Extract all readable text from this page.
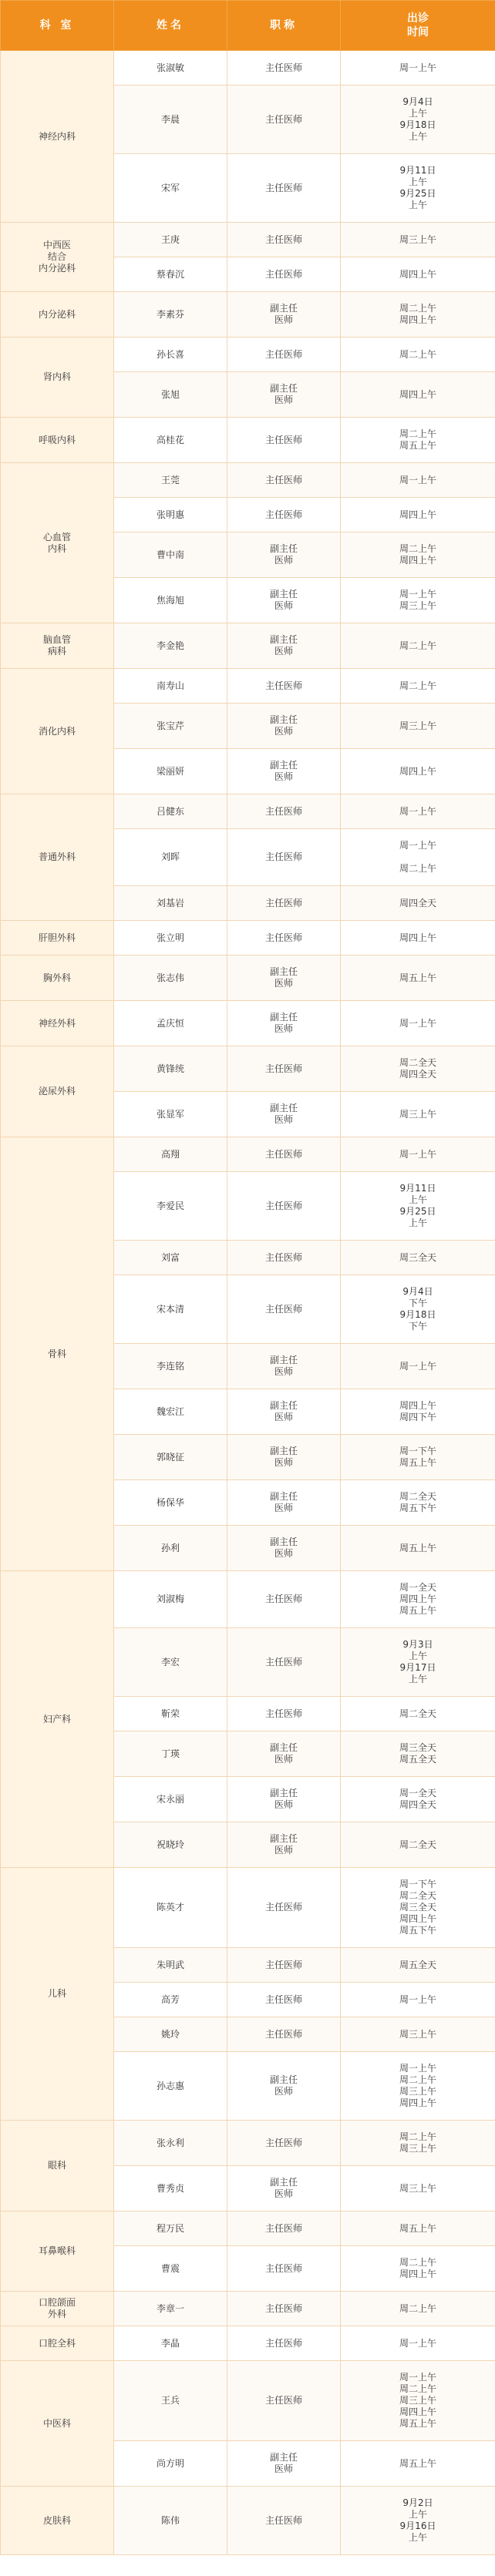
科 室	姓名	职称	出诊
时间

神经内科	张淑敏	主任医师	周一上午

	李晨	主任医师	9月4日
上午
9月18日
上午

	宋军	主任医师	9月11日
上午
9月25日
上午

中西医
结合
内分泌科	王庚	主任医师	周三上午

	蔡春沉	主任医师	周四上午

内分泌科	李素芬	副主任
医师	周二上午
周四上午

肾内科	孙长喜	主任医师	周二上午

	张旭	副主任
医师	周四上午

呼吸内科	高桂花	主任医师	周二上午
周五上午

心血管
内科	王莞	主任医师	周一上午

	张明惠	主任医师	周四上午

	曹中南	副主任
医师	周二上午
周四上午

	焦海旭	副主任
医师	周一上午
周三上午

脑血管
病科	李金艳	副主任
医师	周二上午

消化内科	南寿山	主任医师	周二上午

	张宝芹	副主任
医师	周三上午

	梁丽妍	副主任
医师	周四上午

普通外科	吕健东	主任医师	周一上午

	刘晖	主任医师	周一上午
周二上午

	刘基岩	主任医师	周四全天

肝胆外科	张立明	主任医师	周四上午

胸外科	张志伟	副主任
医师	周五上午

神经外科	孟庆恒	副主任
医师	周一上午

泌尿外科	黄锋统	主任医师	周二全天
周四全天

	张显军	副主任
医师	周三上午

骨科	高翔	主任医师	周一上午

	李爱民	主任医师	9月11日
上午
9月25日
上午

	刘富	主任医师	周三全天

	宋本清	主任医师	9月4日
下午
9月18日
下午

	李连铭	副主任
医师	周一上午

	魏宏江	副主任
医师	周四上午
周四下午

	郭晓征	副主任
医师	周一下午
周五上午

	杨保华	副主任
医师	周二全天
周五下午

	孙利	副主任
医师	周五上午

妇产科	刘淑梅	主任医师	周一全天
周四上午
周五上午

	李宏	主任医师	9月3日
上午
9月17日
上午

	靳荣	主任医师	周二全天

	丁瑛	副主任
医师	周三全天
周五全天

	宋永丽	副主任
医师	周一全天
周四全天

	祝晓玲	副主任
医师	周二全天

儿科	陈英才	主任医师	周一下午
周二全天
周三全天
周四上午
周五下午

	朱明武	主任医师	周五全天

	高芳	主任医师	周一上午

	姚玲	主任医师	周三上午

	孙志惠	副主任
医师	周一上午
周二上午
周三上午
周四上午

眼科	张永利	主任医师	周二上午
周三上午

	曹秀贞	副主任
医师	周三上午

耳鼻喉科	程万民	主任医师	周五上午

	曹震	主任医师	周二上午
周四上午

口腔颌面
外科	李章一	主任医师	周二上午

口腔全科	李晶	主任医师	周一上午

中医科	王兵	主任医师	周一上午
周二上午
周三上午
周四上午
周五上午

	尚方明	副主任
医师	周五上午

皮肤科	陈伟	主任医师	9月2日
上午
9月16日
上午
